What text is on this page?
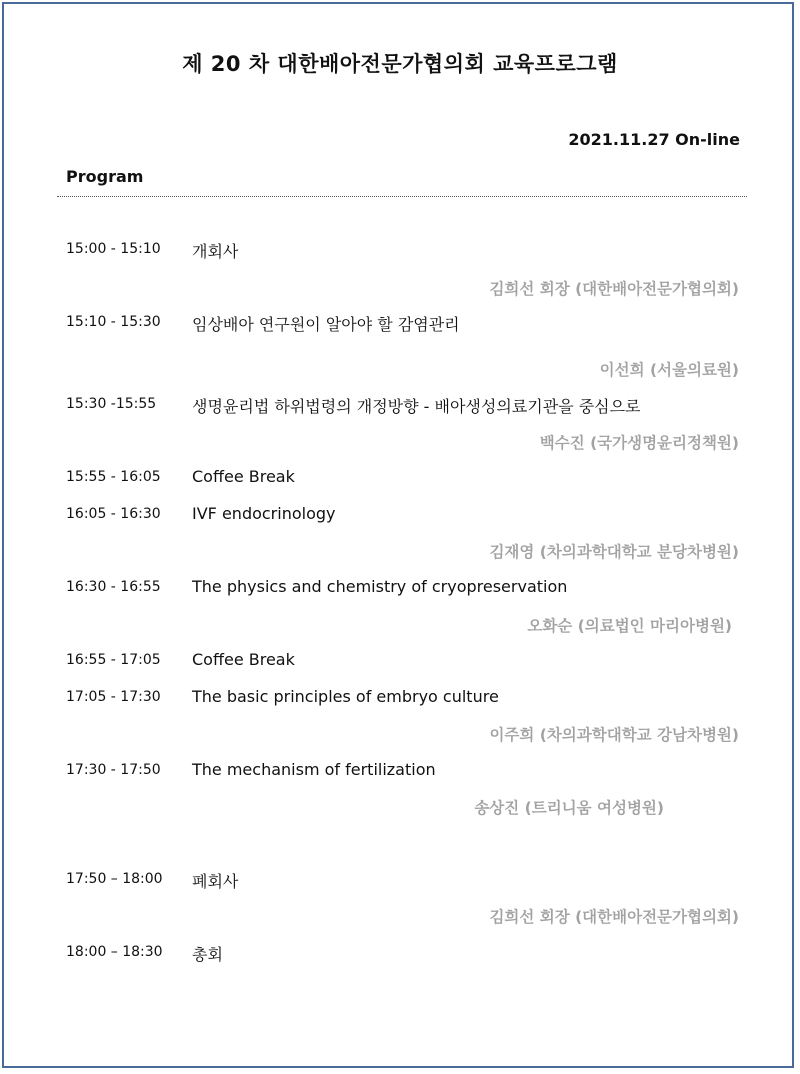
제 20 차 대한배아전문가협의회 교육프로그램
2021.11.27 On-line
Program
15:00 - 15:10 개회사
김희선 회장 (대한배아전문가협의회)
15:10 - 15:30 임상배아 연구원이 알아야 할 감염관리
이선희 (서울의료원)
15:30 -15:55 생명윤리법 하위법령의 개정방향 - 배아생성의료기관을 중심으로
백수진 (국가생명윤리정책원)
15:55 - 16:05 Coffee Break
16:05 - 16:30 IVF endocrinology
김재영 (차의과학대학교 분당차병원)
16:30 - 16:55 The physics and chemistry of cryopreservation
오화순 (의료법인 마리아병원)
16:55 - 17:05 Coffee Break
17:05 - 17:30 The basic principles of embryo culture
이주희 (차의과학대학교 강남차병원)
17:30 - 17:50 The mechanism of fertilization
송상진 (트리니움 여성병원)
17:50 – 18:00 폐회사
김희선 회장 (대한배아전문가협의회)
18:00 – 18:30 총회
